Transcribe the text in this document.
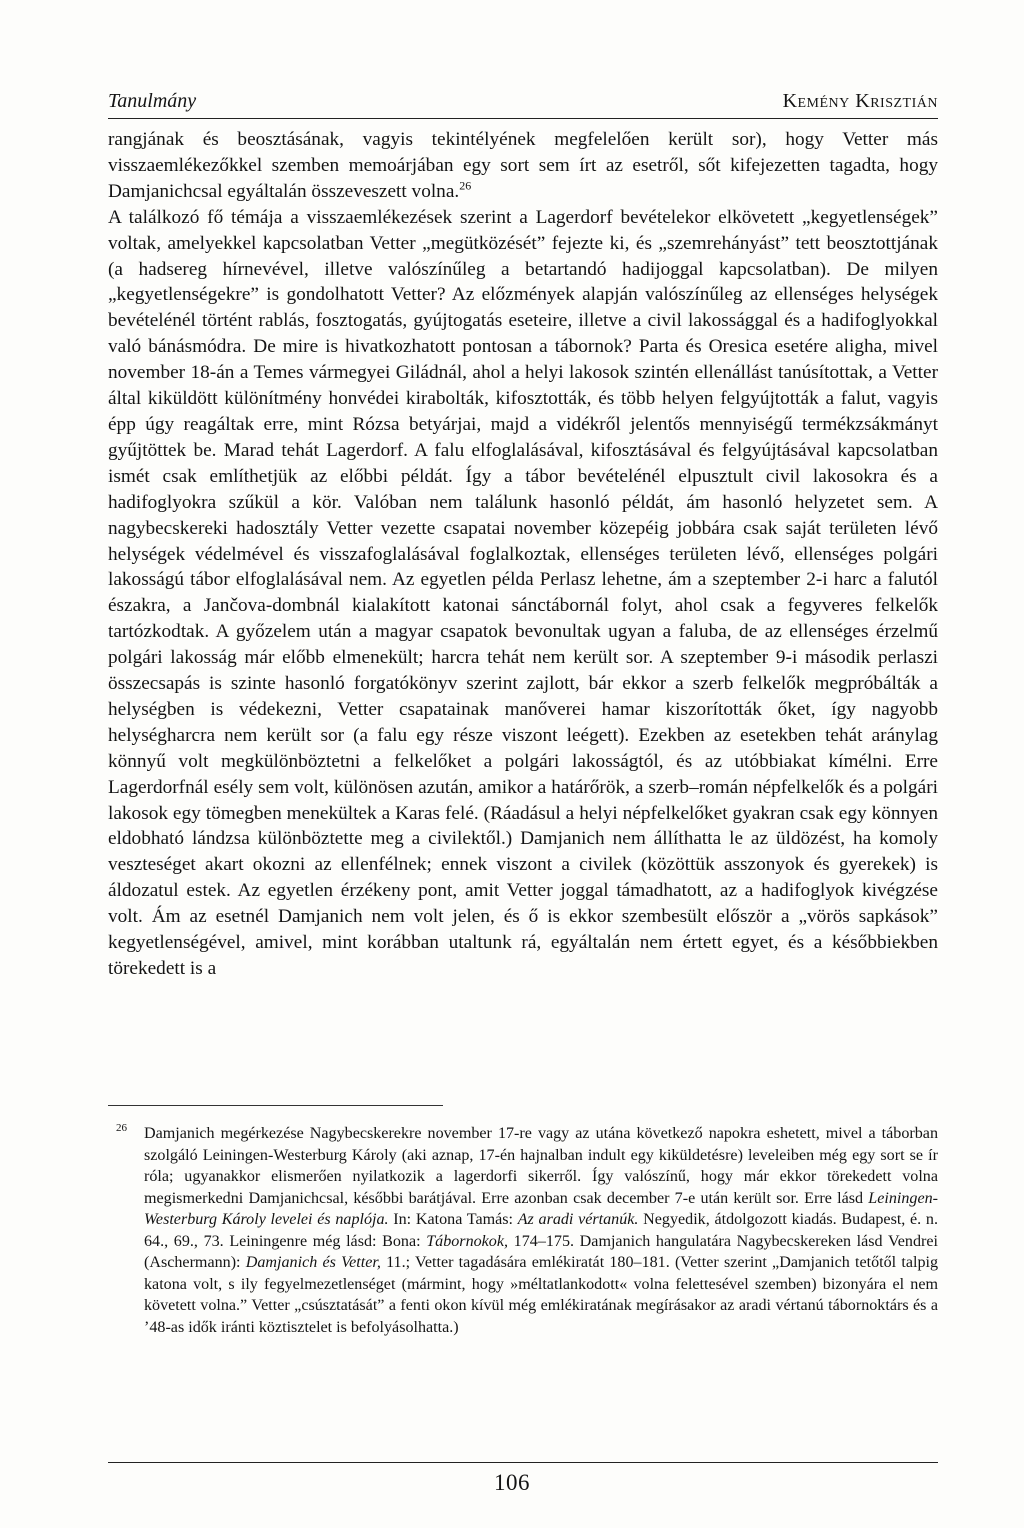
Tanulmány	Kemény Krisztián

rangjának és beosztásának, vagyis tekintélyének megfelelően került sor), hogy Vetter más visszaemlékezőkkel szemben memoárjában egy sort sem írt az esetről, sőt kifejezetten tagadta, hogy Damjanichcsal egyáltalán összeveszett volna.$^{26}$

A találkozó fő témája a visszaemlékezések szerint a Lagerdorf bevételekor elkövetett „kegyetlenségek” voltak, amelyekkel kapcsolatban Vetter „megütközését” fejezte ki, és „szemrehányást” tett beosztottjának (a hadsereg hírnevével, illetve valószínűleg a betartandó hadijoggal kapcsolatban). De milyen „kegyetlenségekre” is gondolhatott Vetter? Az előzmények alapján valószínűleg az ellenséges helységek bevételénél történt rablás, fosztogatás, gyújtogatás eseteire, illetve a civil lakossággal és a hadifoglyokkal való bánásmódra. De mire is hivatkozhatott pontosan a tábornok? Parta és Oresica esetére aligha, mivel november 18-án a Temes vármegyei Giládnál, ahol a helyi lakosok szintén ellenállást tanúsítottak, a Vetter által kiküldött különítmény honvédei kirabolták, kifosztották, és több helyen felgyújtották a falut, vagyis épp úgy reagáltak erre, mint Rózsa betyárjai, majd a vidékről jelentős mennyiségű termékzsákmányt gyűjtöttek be. Marad tehát Lagerdorf. A falu elfoglalásával, kifosztásával és felgyújtásával kapcsolatban ismét csak említhetjük az előbbi példát. Így a tábor bevételénél elpusztult civil lakosokra és a hadifoglyokra szűkül a kör. Valóban nem találunk hasonló példát, ám hasonló helyzetet sem. A nagybecskereki hadosztály Vetter vezette csapatai november közepéig jobbára csak saját területen lévő helységek védelmével és visszafoglalásával foglalkoztak, ellenséges területen lévő, ellenséges polgári lakosságú tábor elfoglalásával nem. Az egyetlen példa Perlasz lehetne, ám a szeptember 2-i harc a falutól északra, a Jančova-dombnál kialakított katonai sánctábornál folyt, ahol csak a fegyveres felkelők tartózkodtak. A győzelem után a magyar csapatok bevonultak ugyan a faluba, de az ellenséges érzelmű polgári lakosság már előbb elmenekült; harcra tehát nem került sor. A szeptember 9-i második perlaszi összecsapás is szinte hasonló forgatókönyv szerint zajlott, bár ekkor a szerb felkelők megpróbálták a helységben is védekezni, Vetter csapatainak manőverei hamar kiszorították őket, így nagyobb helységharcra nem került sor (a falu egy része viszont leégett). Ezekben az esetekben tehát aránylag könnyű volt megkülönböztetni a felkelőket a polgári lakosságtól, és az utóbbiakat kímélni. Erre Lagerdorfnál esély sem volt, különösen azután, amikor a határőrök, a szerb–román népfelkelők és a polgári lakosok egy tömegben menekültek a Karas felé. (Ráadásul a helyi népfelkelőket gyakran csak egy könnyen eldobható lándzsa különböztette meg a civilektől.) Damjanich nem állíthatta le az üldözést, ha komoly veszteséget akart okozni az ellenfélnek; ennek viszont a civilek (közöttük asszonyok és gyerekek) is áldozatul estek. Az egyetlen érzékeny pont, amit Vetter joggal támadhatott, az a hadifoglyok kivégzése volt. Ám az esetnél Damjanich nem volt jelen, és ő is ekkor szembesült először a „vörös sapkások” kegyetlenségével, amivel, mint korábban utaltunk rá, egyáltalán nem értett egyet, és a későbbiekben törekedett is a

26 Damjanich megérkezése Nagybecskerekre november 17-re vagy az utána következő napokra eshetett, mivel a táborban szolgáló Leiningen-Westerburg Károly (aki aznap, 17-én hajnalban indult egy kiküldetésre) leveleiben még egy sort se ír róla; ugyanakkor elismerően nyilatkozik a lagerdorfi sikerről. Így valószínű, hogy már ekkor törekedett volna megismerkedni Damjanichcsal, későbbi barátjával. Erre azonban csak december 7-e után került sor. Erre lásd Leiningen-Westerburg Károly levelei és naplója. In: Katona Tamás: Az aradi vértanúk. Negyedik, átdolgozott kiadás. Budapest, é. n. 64., 69., 73. Leiningenre még lásd: Bona: Tábornokok, 174–175. Damjanich hangulatára Nagybecskereken lásd Vendrei (Aschermann): Damjanich és Vetter, 11.; Vetter tagadására emlékiratát 180–181. (Vetter szerint „Damjanich tetőtől talpig katona volt, s ily fegyelmezetlenséget (mármint, hogy »méltatlankodott« volna felettesével szemben) bizonyára el nem követett volna.” Vetter „csúsztatását” a fenti okon kívül még emlékiratának megírásakor az aradi vértanú tábornoktárs és a ’48-as idők iránti köztisztelet is befolyásolhatta.)
106
